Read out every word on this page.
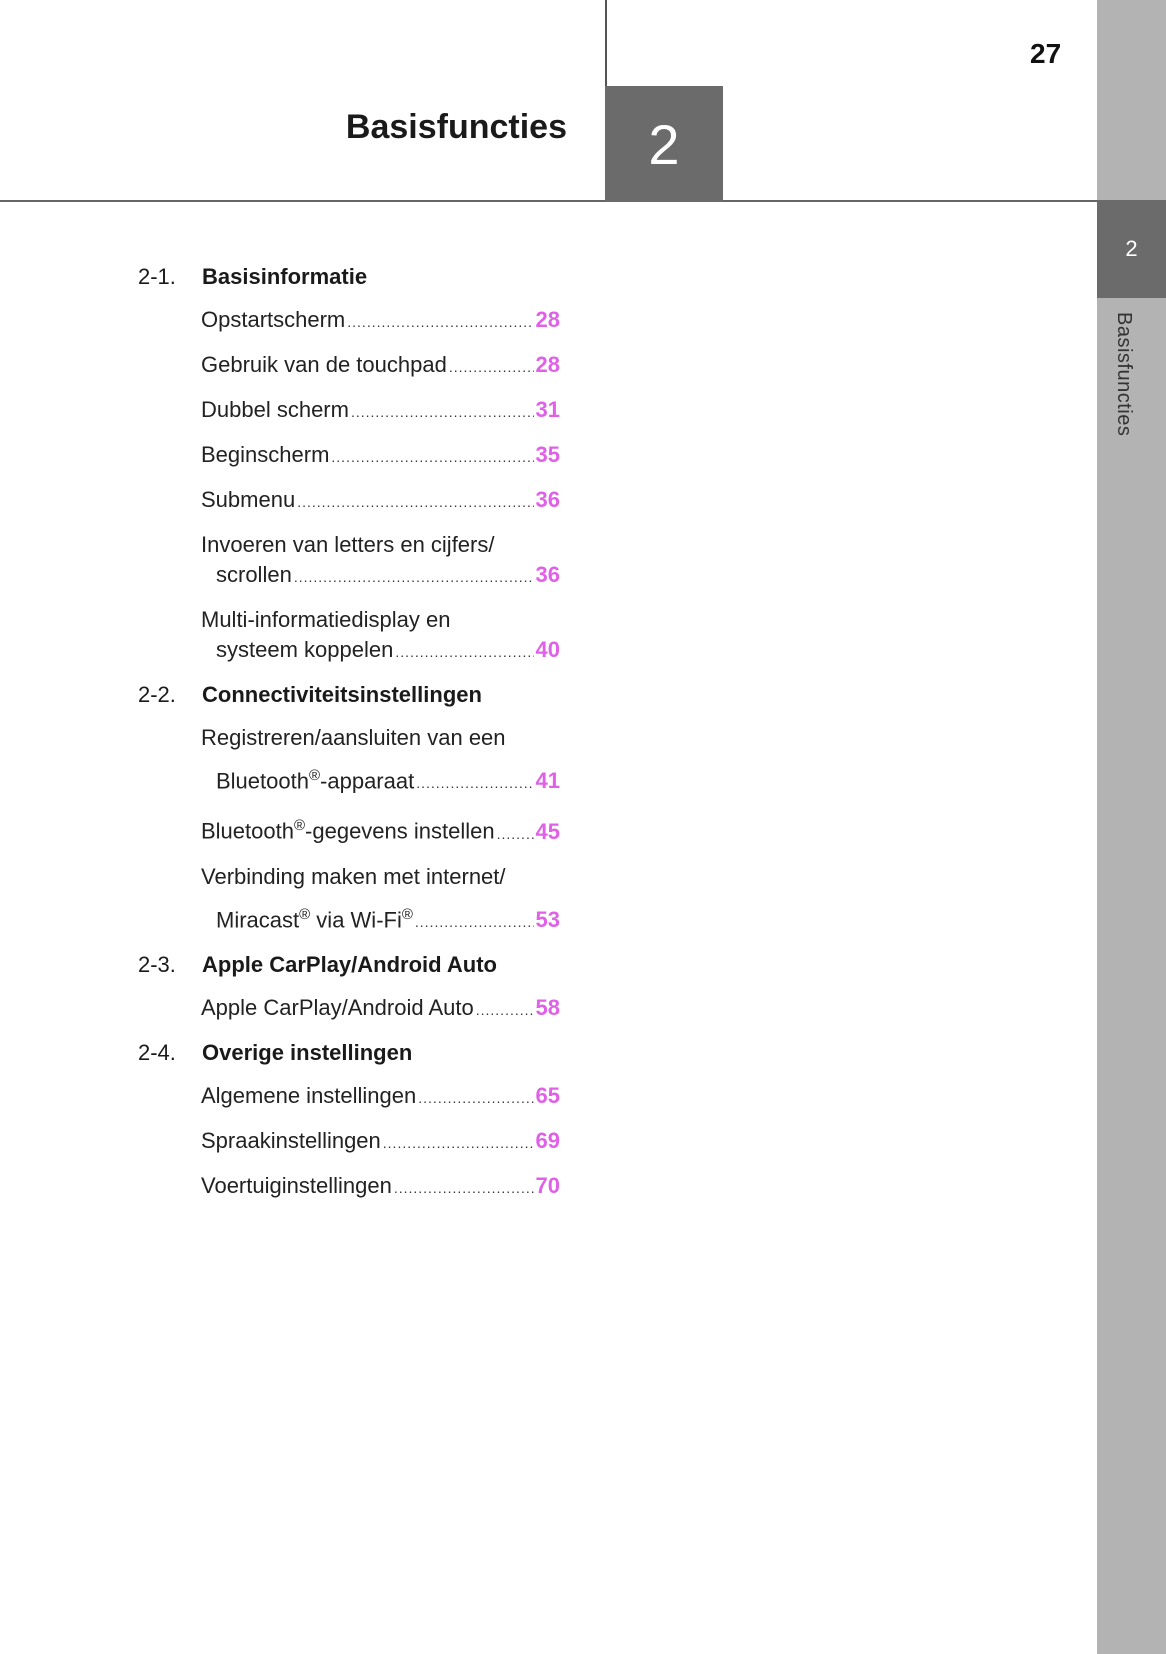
2
Basisfuncties
27
2
Basisfuncties
2-1.	Basisinformatie
Opstartscherm .....	28
Gebruik van de touchpad .....	28
Dubbel scherm .....	31
Beginscherm .....	35
Submenu .....	36
Invoeren van letters en cijfers/
scrollen .....	36
Multi-informatiedisplay en
systeem koppelen .....	40
2-2.	Connectiviteitsinstellingen
Registreren/aansluiten van een
Bluetooth®-apparaat .....	41
Bluetooth®-gegevens instellen ..... 45
Verbinding maken met internet/
Miracast® via Wi-Fi® .....	53
2-3.	Apple CarPlay/Android Auto
Apple CarPlay/Android Auto .....	58
2-4.	Overige instellingen
Algemene instellingen .....	65
Spraakinstellingen .....	69
Voertuiginstellingen .....	70
